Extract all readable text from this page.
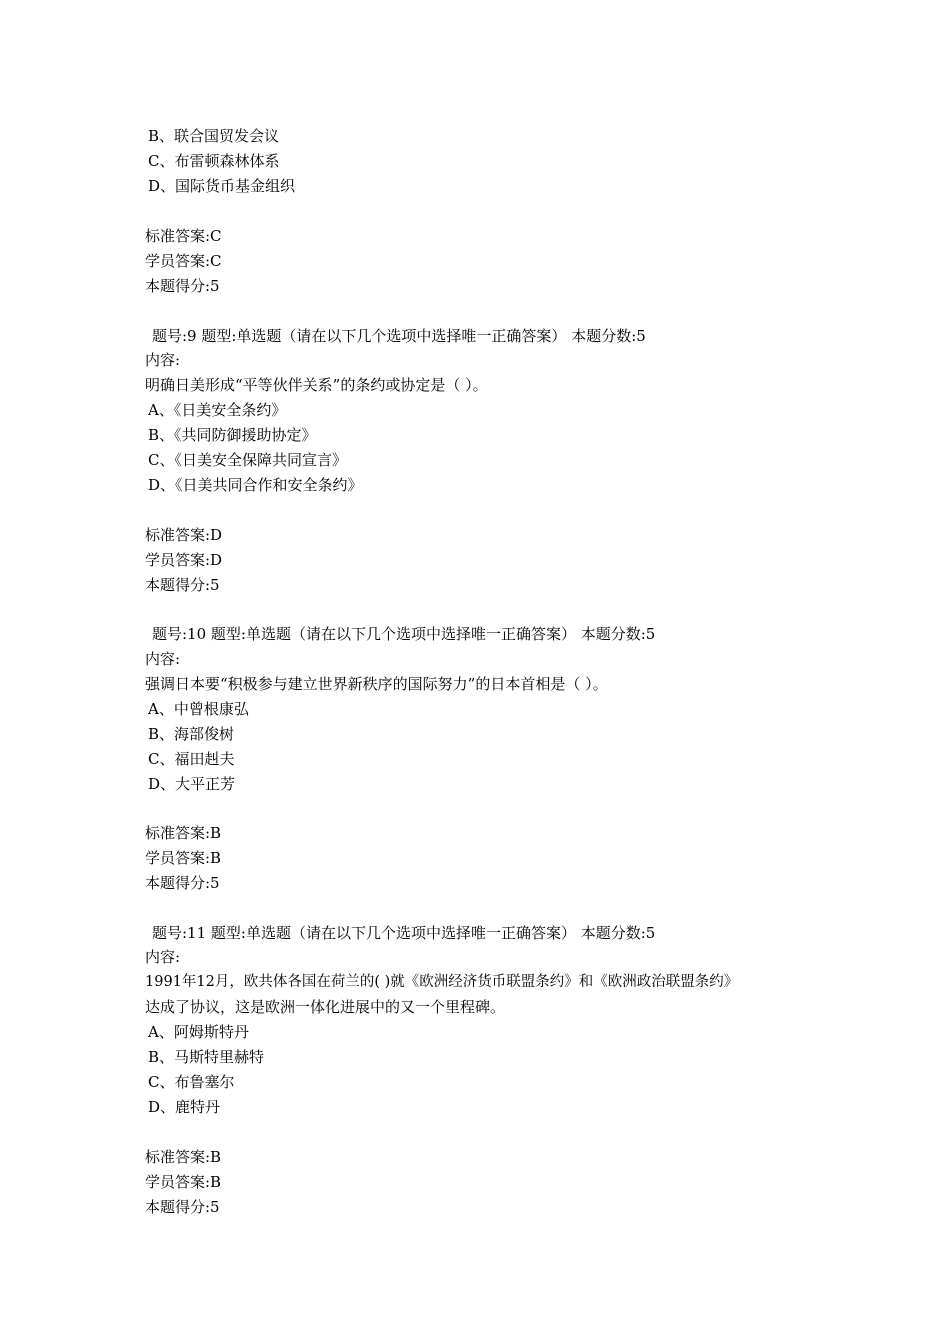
B、联合国贸发会议
C、布雷顿森林体系
D、国际货币基金组织
标准答案:C
学员答案:C
本题得分:5
题号:9 题型:单选题（请在以下几个选项中选择唯一正确答案） 本题分数:5
内容:
明确日美形成“平等伙伴关系”的条约或协定是（ ）。
A、《日美安全条约》
B、《共同防御援助协定》
C、《日美安全保障共同宣言》
D、《日美共同合作和安全条约》
标准答案:D
学员答案:D
本题得分:5
题号:10 题型:单选题（请在以下几个选项中选择唯一正确答案） 本题分数:5
内容:
强调日本要“积极参与建立世界新秩序的国际努力”的日本首相是（ ）。
A、中曾根康弘
B、海部俊树
C、福田赳夫
D、大平正芳
标准答案:B
学员答案:B
本题得分:5
题号:11 题型:单选题（请在以下几个选项中选择唯一正确答案） 本题分数:5
内容:
1991年12月，欧共体各国在荷兰的( )就《欧洲经济货币联盟条约》和《欧洲政治联盟条约》
达成了协议，这是欧洲一体化进展中的又一个里程碑。
A、阿姆斯特丹
B、马斯特里赫特
C、布鲁塞尔
D、鹿特丹
标准答案:B
学员答案:B
本题得分:5
